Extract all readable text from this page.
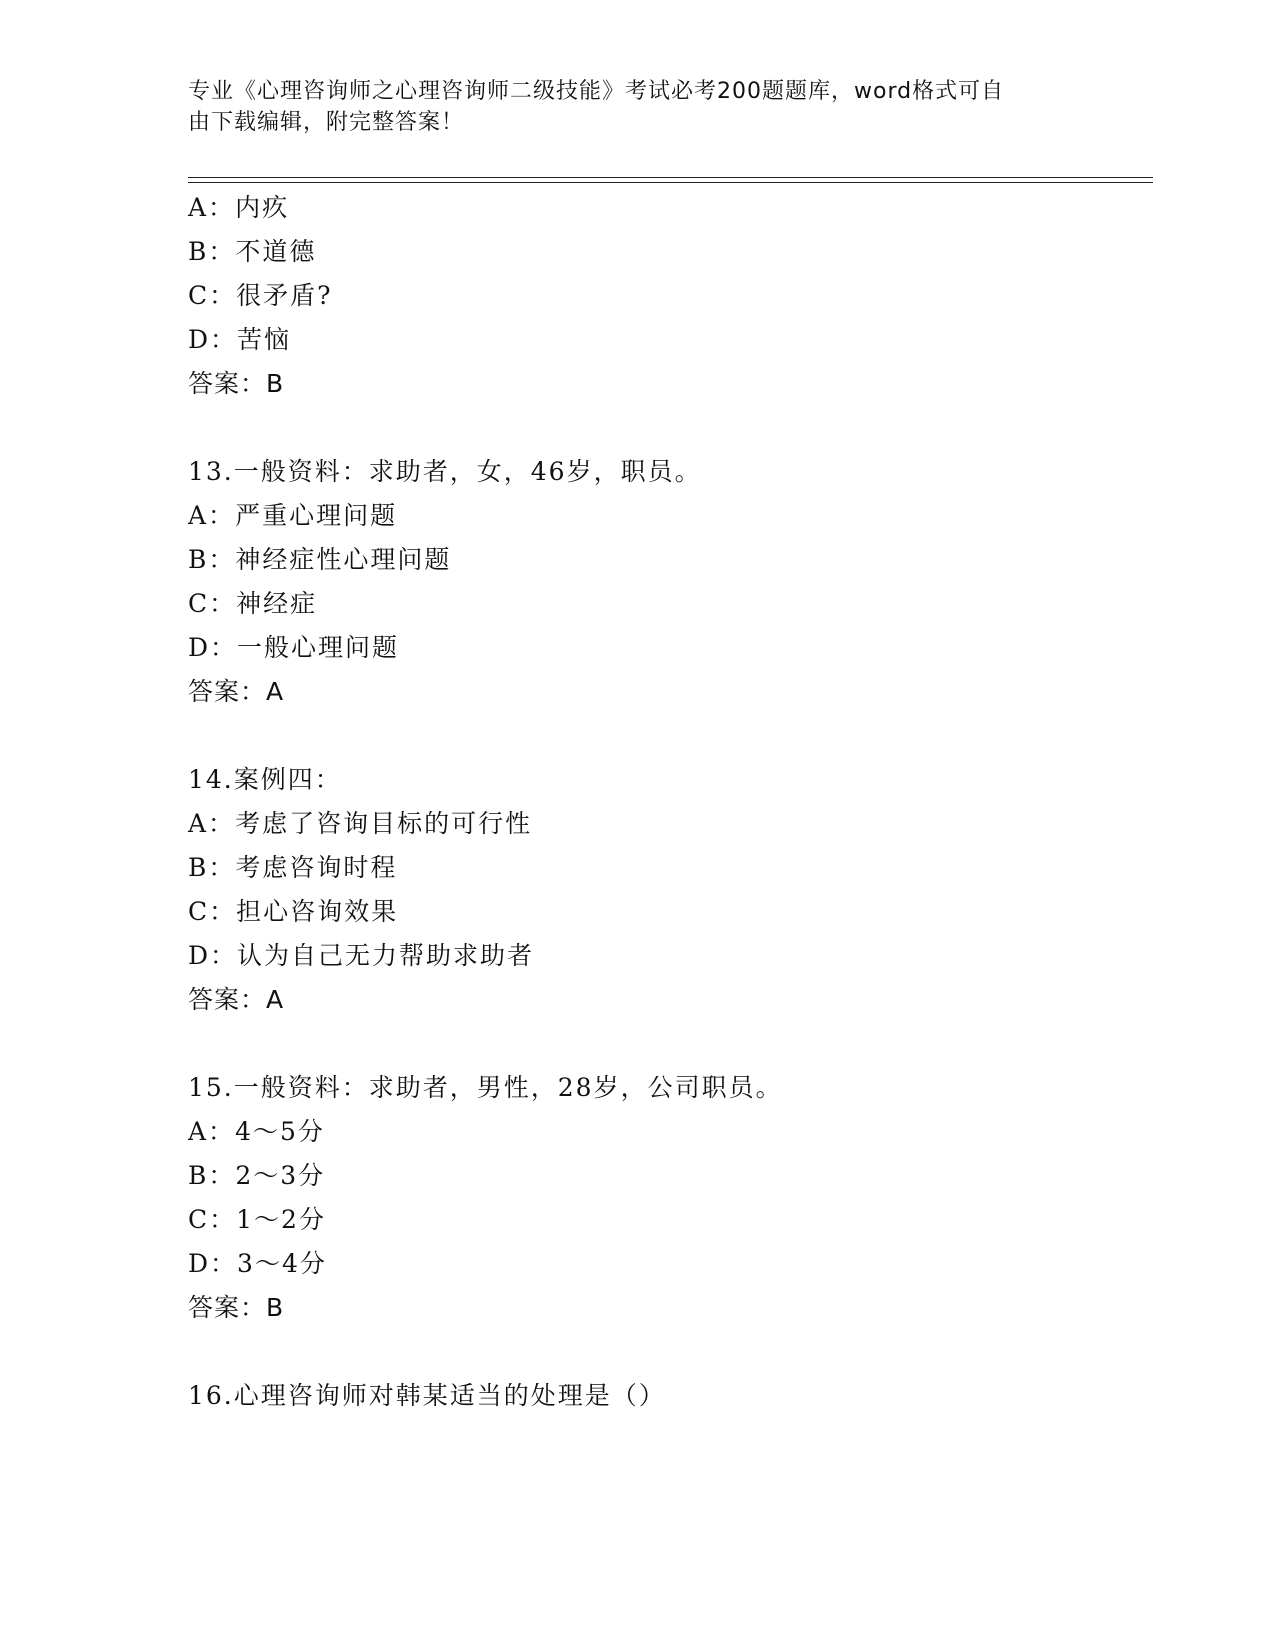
专业《心理咨询师之心理咨询师二级技能》考试必考200题题库，word格式可自
由下载编辑，附完整答案！
A：内疚
B：不道德
C：很矛盾?
D：苦恼
答案：B
13.一般资料：求助者，女，46岁，职员。
A：严重心理问题
B：神经症性心理问题
C：神经症
D：一般心理问题
答案：A
14.案例四：
A：考虑了咨询目标的可行性
B：考虑咨询时程
C：担心咨询效果
D：认为自己无力帮助求助者
答案：A
15.一般资料：求助者，男性，28岁，公司职员。
A：4～5分
B：2～3分
C：1～2分
D：3～4分
答案：B
16.心理咨询师对韩某适当的处理是（）
